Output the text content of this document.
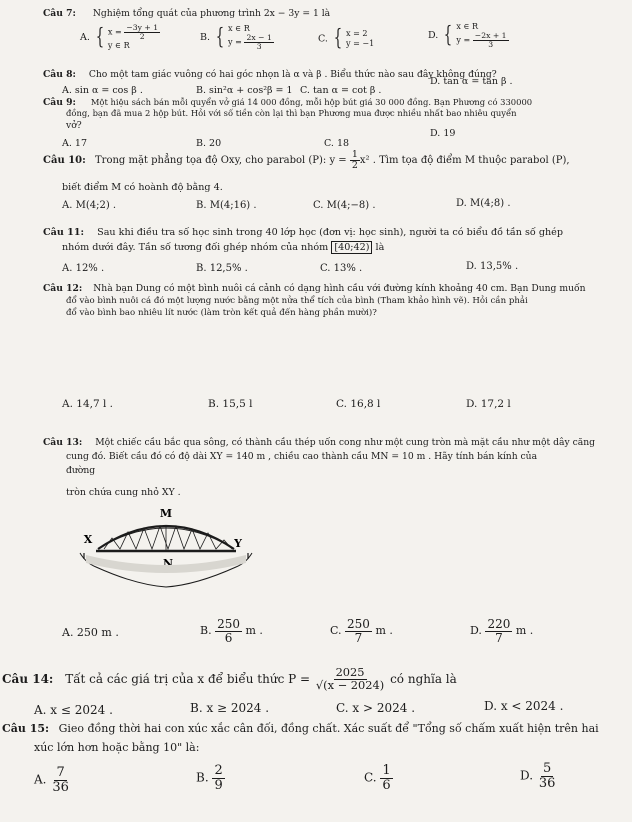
Câu 7: Nghiệm tổng quát của phương trình 2x − 3y = 1 là
A. { $x = \frac{-3y + 1}{2}$
y ∈ R
B. { x ∈ R
$y = \frac{2x - 1}{3}$	C. { x = 2
y = −1
D. { x ∈ R
$y = \frac{-2x + 1}{3}$
Câu 8: Cho một tam giác vuông có hai góc nhọn là α và β . Biểu thức nào sau đây không đúng?
A. sin α = cos β .	B. sin²α + cos²β = 1 C. tan α = cot β .
D. tan α = tan β .
Câu 9: Một hiệu sách bán mỗi quyển vở giá 14 000 đồng, mỗi hộp bút giá 30 000 đồng. Bạn Phương có 330000
đồng, bạn đã mua 2 hộp bút. Hỏi với số tiền còn lại thì bạn Phương mua được nhiều nhất bao nhiêu quyển
vở?
A. 17	B. 20	C. 18
D. 19
Câu 10: Trong mặt phẳng tọa độ Oxy, cho parabol (P): $y = \frac{1}{2} x^2$ . Tìm tọa độ điểm M thuộc parabol (P),
biết điểm M có hoành độ bằng 4.
A. M(4;2) .	B. M(4;16) .	C. M(4;−8) .	D. M(4;8) .
Câu 11: Sau khi điều tra số học sinh trong 40 lớp học (đơn vị: học sinh), người ta có biểu đồ tần số ghép
nhóm dưới đây. Tần số tương đối ghép nhóm của nhóm [40;42) là
A. 12% .	B. 12,5% .	C. 13% .	D. 13,5% .
Câu 12: Nhà bạn Dung có một bình nuôi cá cảnh có dạng hình cầu với đường kính khoảng 40 cm. Bạn Dung muốn
đổ vào bình nuôi cá đó một lượng nước bằng một nửa thể tích của bình (Tham khảo hình vẽ). Hỏi cần phải
đổ vào bình bao nhiêu lít nước (làm tròn kết quả đến hàng phần mười)?
A. 14,7 l .	B. 15,5 l	C. 16,8 l	D. 17,2 l
Câu 13: Một chiếc cầu bắc qua sông, có thành cầu thép uốn cong như một cung tròn mà mặt cầu như một dây căng
cung đó. Biết cầu đó có độ dài XY = 140 m , chiều cao thành cầu MN = 10 m . Hãy tính bán kính của
đường
tròn chứa cung nhỏ XY .
M
X	Y
N
A. 250 m .	B. $\frac{250}{6}$ m .	C. $\frac{250}{7}$ m .	D. $\frac{220}{7}$ m .
Câu 14: Tất cả các giá trị của x để biểu thức $P = \frac{2025}{√(x - 2024)}$ có nghĩa là
A. x ≤ 2024 .	B. x ≥ 2024 .	C. x > 2024 .	D. x < 2024 .
Câu 15: Gieo đồng thời hai con xúc xắc cân đối, đồng chất. Xác suất để "Tổng số chấm xuất hiện trên hai
xúc lớn hơn hoặc bằng 10" là:
A. $\frac{7}{36}$	B. $\frac{2}{9}$	C. $\frac{1}{6}$	D. $\frac{5}{36}$
